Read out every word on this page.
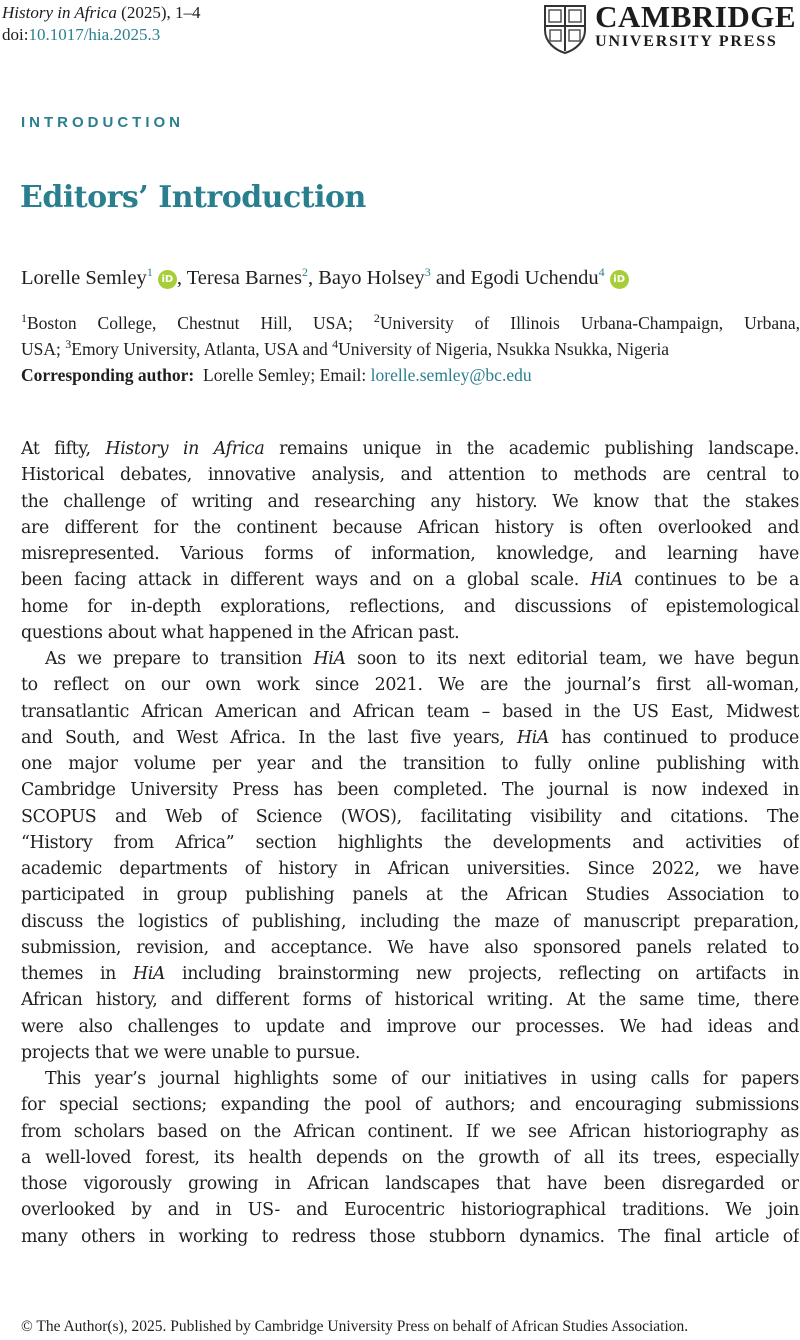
History in Africa (2025), 1–4
doi:10.1017/hia.2025.3
CAMBRIDGE
UNIVERSITY PRESS
INTRODUCTION
Editors’ Introduction
Lorelle Semley$^1$iD , Teresa Barnes$^2$, Bayo Holsey$^3$ and Egodi Uchendu$^4$iD
$^1$Boston College, Chestnut Hill, USA; $^2$University of Illinois Urbana-Champaign, Urbana,
USA; $^3$Emory University, Atlanta, USA and $^4$University of Nigeria, Nsukka Nsukka, Nigeria
Corresponding author:  Lorelle Semley; Email: lorelle.semley@bc.edu
At fifty, History in Africa remains unique in the academic publishing landscape.
Historical debates, innovative analysis, and attention to methods are central to
the challenge of writing and researching any history. We know that the stakes
are different for the continent because African history is often overlooked and
misrepresented. Various forms of information, knowledge, and learning have
been facing attack in different ways and on a global scale. HiA continues to be a
home for in-depth explorations, reflections, and discussions of epistemological
questions about what happened in the African past.
As we prepare to transition HiA soon to its next editorial team, we have begun
to reflect on our own work since 2021. We are the journal’s first all-woman,
transatlantic African American and African team – based in the US East, Midwest
and South, and West Africa. In the last five years, HiA has continued to produce
one major volume per year and the transition to fully online publishing with
Cambridge University Press has been completed. The journal is now indexed in
SCOPUS and Web of Science (WOS), facilitating visibility and citations. The
“History from Africa” section highlights the developments and activities of
academic departments of history in African universities. Since 2022, we have
participated in group publishing panels at the African Studies Association to
discuss the logistics of publishing, including the maze of manuscript preparation,
submission, revision, and acceptance. We have also sponsored panels related to
themes in HiA including brainstorming new projects, reflecting on artifacts in
African history, and different forms of historical writing. At the same time, there
were also challenges to update and improve our processes. We had ideas and
projects that we were unable to pursue.
This year’s journal highlights some of our initiatives in using calls for papers
for special sections; expanding the pool of authors; and encouraging submissions
from scholars based on the African continent. If we see African historiography as
a well-loved forest, its health depends on the growth of all its trees, especially
those vigorously growing in African landscapes that have been disregarded or
overlooked by and in US- and Eurocentric historiographical traditions. We join
many others in working to redress those stubborn dynamics. The final article of
© The Author(s), 2025. Published by Cambridge University Press on behalf of African Studies Association.
